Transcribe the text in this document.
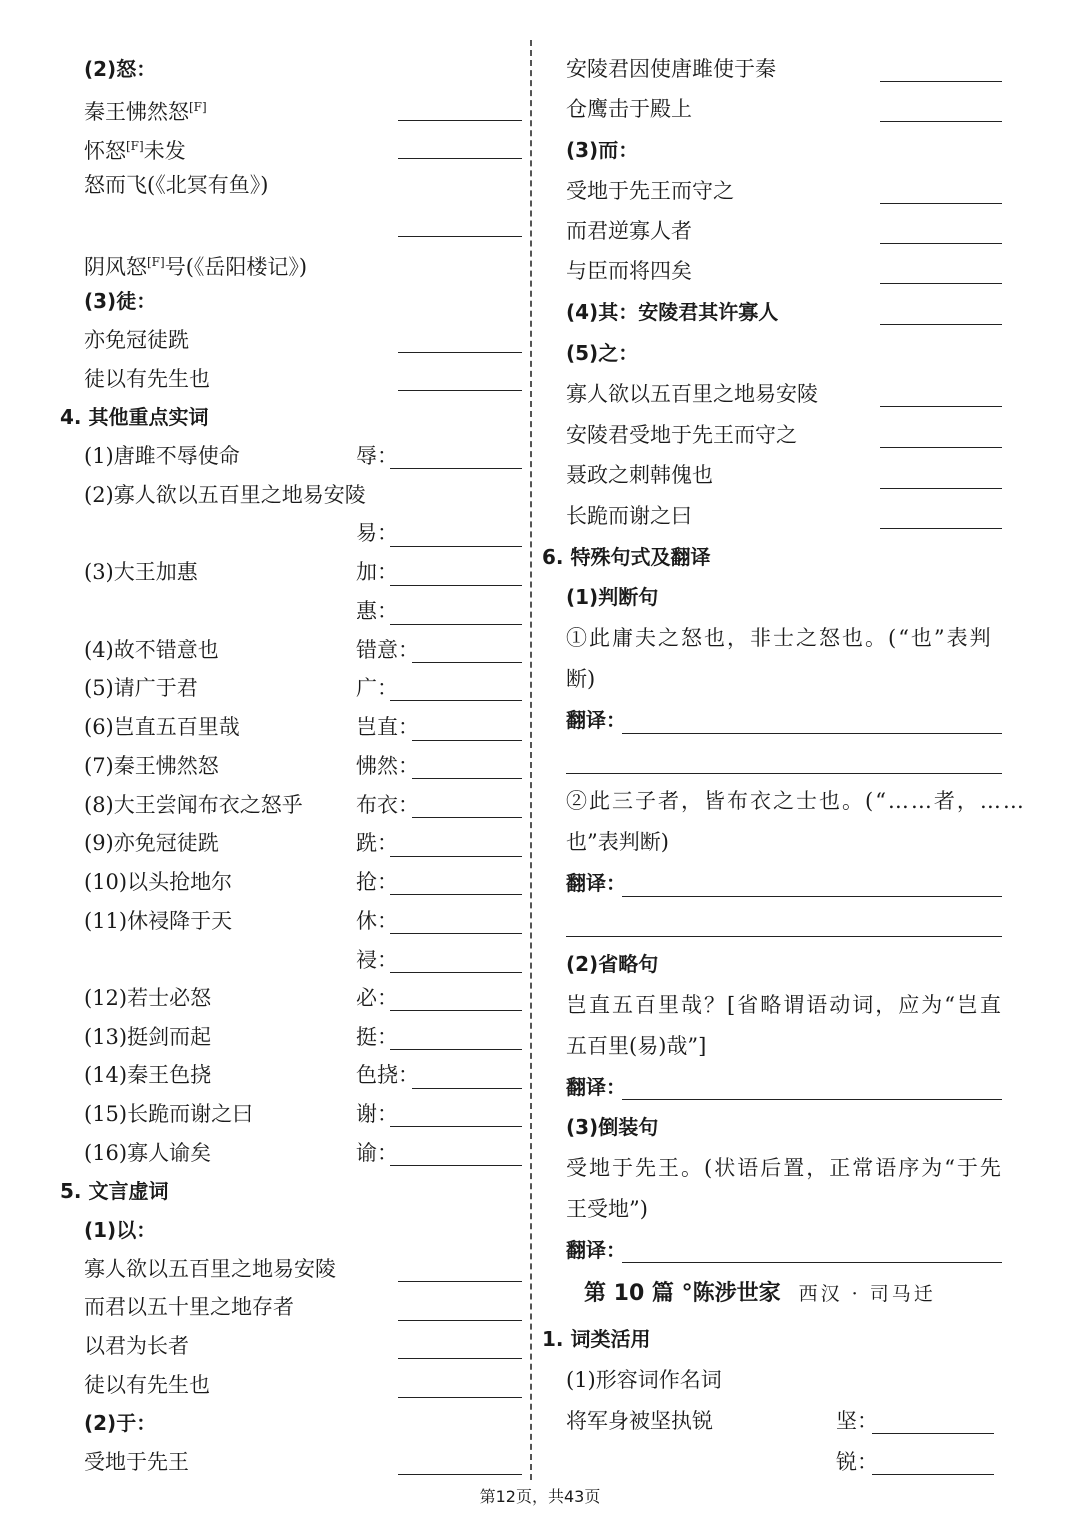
(2)怒：
秦王怫然怒[F]
怀怒[F]未发
怒而飞(《北冥有鱼》)
阴风怒[F]号(《岳阳楼记》)
(3)徒：
亦免冠徒跣
徒以有先生也
4. 其他重点实词
(1)唐雎不辱使命	辱：
(2)寡人欲以五百里之地易安陵
易：
(3)大王加惠	加：
惠：
(4)故不错意也	错意：
(5)请广于君	广：
(6)岂直五百里哉	岂直：
(7)秦王怫然怒	怫然：
(8)大王尝闻布衣之怒乎	布衣：
(9)亦免冠徒跣	跣：
(10)以头抢地尔	抢：
(11)休祲降于天	休：
祲：
(12)若士必怒	必：
(13)挺剑而起	挺：
(14)秦王色挠	色挠：
(15)长跪而谢之曰	谢：
(16)寡人谕矣	谕：
5. 文言虚词
(1)以：
寡人欲以五百里之地易安陵
而君以五十里之地存者
以君为长者
徒以有先生也
(2)于：
受地于先王
安陵君因使唐雎使于秦
仓鹰击于殿上
(3)而：
受地于先王而守之
而君逆寡人者
与臣而将四矣
(4)其：安陵君其许寡人
(5)之：
寡人欲以五百里之地易安陵
安陵君受地于先王而守之
聂政之刺韩傀也
长跪而谢之曰
6. 特殊句式及翻译
(1)判断句
①此庸夫之怒也，非士之怒也。(“也”表判
断)
翻译：
②此三子者，皆布衣之士也。(“……者，……
也”表判断)
翻译：
(2)省略句
岂直五百里哉？[省略谓语动词，应为“岂直
五百里(易)哉”]
翻译：
(3)倒装句
受地于先王。(状语后置，正常语序为“于先
王受地”)
翻译：
第 10 篇 °陈涉世家 西汉 · 司马迁
1. 词类活用
(1)形容词作名词
将军身被坚执锐	坚：
锐：
第12页，共43页
